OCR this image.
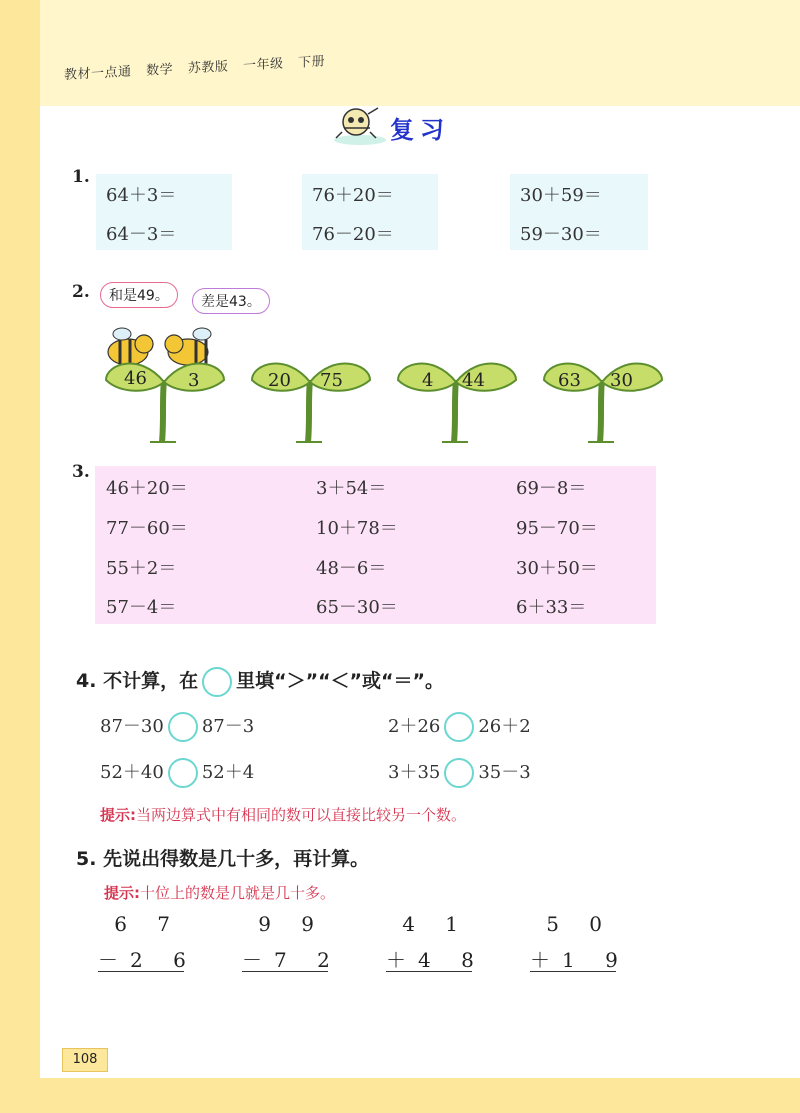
教材一点通 数学 苏教版 一年级 下册
复习
1.
64＋3＝
64－3＝
76＋20＝
76－20＝
30＋59＝
59－30＝
2.	和是49。	差是43。
46 3	20 75	4 44	63 30
3.
46＋20＝	3＋54＝	69－8＝
77－60＝	10＋78＝	95－70＝
55＋2＝	48－6＝	30＋50＝
57－4＝	65－30＝	6＋33＝
4. 不计算，在 里填“＞”“＜”或“＝”。
87－30 87－3	2＋26 26＋2
52＋40 52＋4	3＋35 35－3
提示:当两边算式中有相同的数可以直接比较另一个数。
5. 先说出得数是几十多，再计算。
提示:十位上的数是几就是几十多。
6 7
－2 6
9 9
－7 2
4 1
＋4 8
5 0
＋1 9
108
